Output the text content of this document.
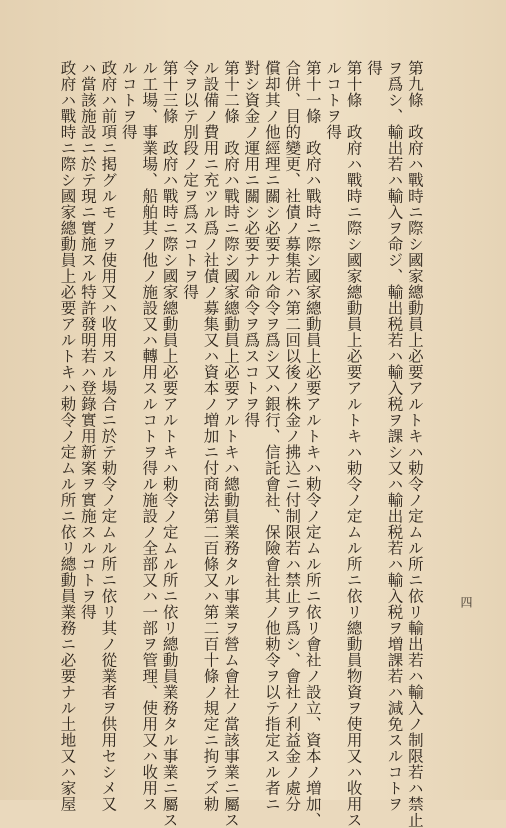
第九條　政府ハ戰時ニ際シ國家總動員上必要アルトキハ勅令ノ定ムル所ニ依リ輸出若ハ輸入ノ制限若ハ禁止
ヲ爲シ、輸出若ハ輸入ヲ命ジ、輸出税若ハ輸入税ヲ課シ又ハ輸出税若ハ輸入税ヲ増課若ハ減免スルコトヲ
得
第十條　政府ハ戰時ニ際シ國家總動員上必要アルトキハ勅令ノ定ムル所ニ依リ總動員物資ヲ使用又ハ收用ス
ルコトヲ得
第十一條　政府ハ戰時ニ際シ國家總動員上必要アルトキハ勅令ノ定ムル所ニ依リ會社ノ設立、資本ノ増加、
合併、目的變更、社債ノ募集若ハ第二回以後ノ株金ノ拂込ニ付制限若ハ禁止ヲ爲シ、會社ノ利益金ノ處分
償却其ノ他經理ニ關シ必要ナル命令ヲ爲シ又ハ銀行、信託會社、保險會社其ノ他勅令ヲ以テ指定スル者ニ
對シ資金ノ運用ニ關シ必要ナル命令ヲ爲スコトヲ得
第十二條　政府ハ戰時ニ際シ國家總動員上必要アルトキハ總動員業務タル事業ヲ營ム會社ノ當該事業ニ屬ス
ル設備ノ費用ニ充ツル爲ノ社債ノ募集又ハ資本ノ増加ニ付商法第二百條又ハ第二百十條ノ規定ニ拘ラズ勅
令ヲ以テ別段ノ定ヲ爲スコトヲ得
第十三條　政府ハ戰時ニ際シ國家總動員上必要アルトキハ勅令ノ定ムル所ニ依リ總動員業務タル事業ニ屬ス
ル工場、事業場、船舶其ノ他ノ施設又ハ轉用スルコトヲ得ル施設ノ全部又ハ一部ヲ管理、使用又ハ收用ス
ルコトヲ得
政府ハ前項ニ掲グルモノヲ使用又ハ收用スル場合ニ於テ勅令ノ定ムル所ニ依リ其ノ從業者ヲ供用セシメ又
ハ當該施設ニ於テ現ニ實施スル特許發明若ハ登錄實用新案ヲ實施スルコトヲ得
政府ハ戰時ニ際シ國家總動員上必要アルトキハ勅令ノ定ムル所ニ依リ總動員業務ニ必要ナル土地又ハ家屋	四
